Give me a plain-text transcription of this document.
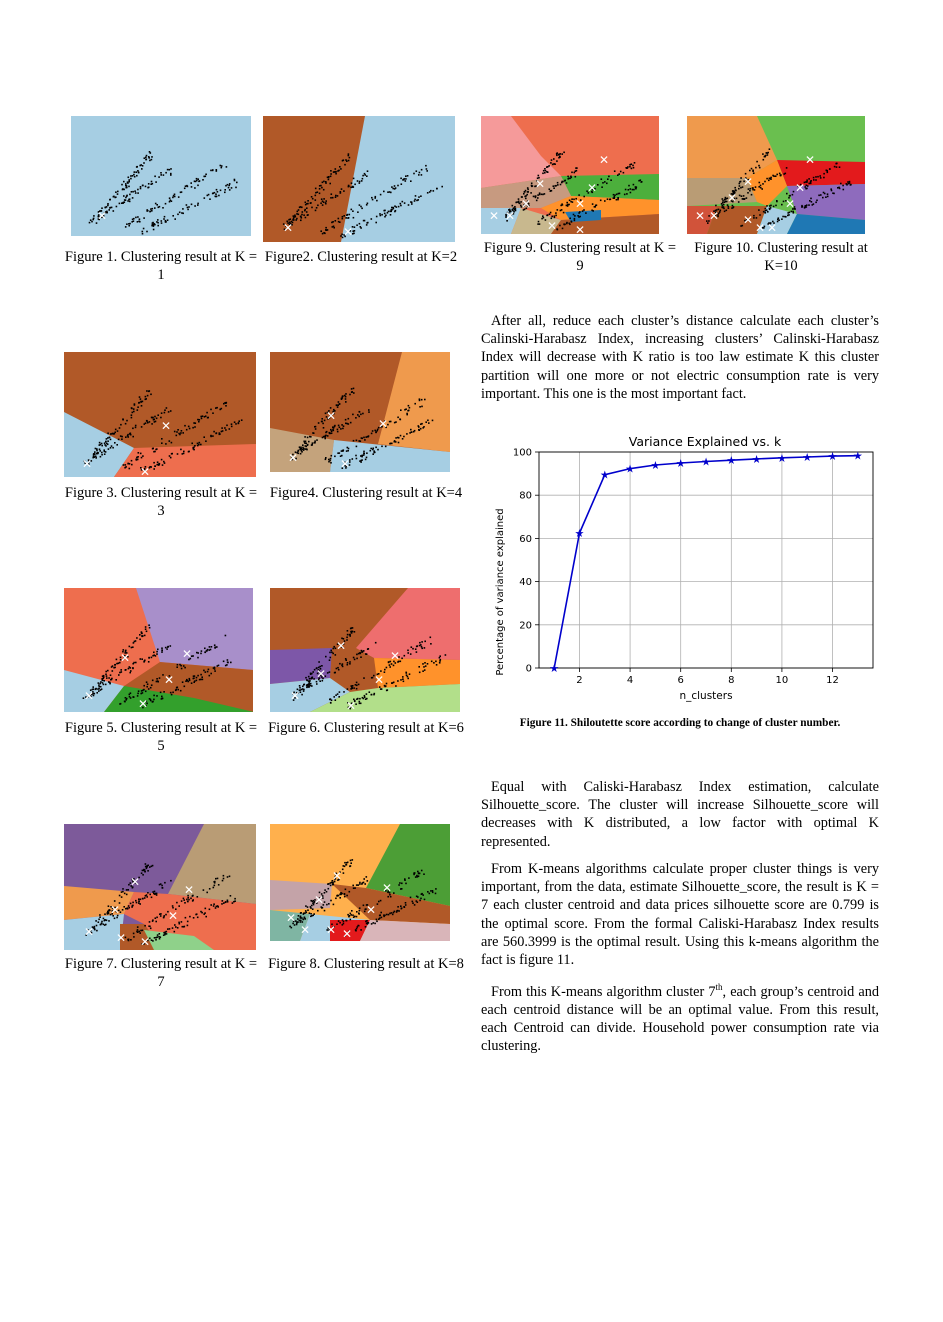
✕
Figure 1. Clustering result at K = 1
✕	✕
Figure2. Clustering result at K=2
✕
✕
✕
Figure 3. Clustering result at K = 3
✕
✕
✕
✕
Figure4. Clustering result at K=4
✕
✕	✕
✕
✕
Figure 5. Clustering result at K = 5
✕
✕
✕
✕
✕
✕
Figure 6. Clustering result at K=6
✕
✕
✕
✕
✕
✕ ✕
Figure 7. Clustering result at K = 7
✕
✕
✕
✕
✕
✕ ✕
✕
Figure 8. Clustering result at K=8
✕
✕	✕
✕
✕
✕
✕ ✕
✕
Figure 9. Clustering result at K = 9
✕
✕	✕
✕
✕
✕ ✕
✕ ✕
✕
Figure 10. Clustering result at K=10

After all, reduce each cluster’s distance calculate each cluster’s Calinski-Harabasz Index, increasing clusters’ Calinski-Harabasz Index will decrease with K ratio is too law estimate K this cluster partition will one more or not electric consumption rate is very important. This one is the most important fact.

Variance Explained vs. k
Percentage of variance explained
n_clusters
2	4	6	8	10	12
0
20
40
60
80
100
★
★
★ ★ ★ ★ ★ ★ ★ ★ ★ ★ ★
Figure 11. Shiloutette score according to change of cluster number.

Equal with Caliski-Harabasz Index estimation, calculate Silhouette_score. The cluster will increase Silhouette_score will decreases with K distributed, a low factor with optimal K represented.

From K-means algorithms calculate proper cluster things is very important, from the data, estimate Silhouette_score, the result is K = 7 each cluster centroid and data prices silhouette score are 0.799 is the optimal score. From the formal Caliski-Harabasz Index results are 560.3999 is the optimal result. Using this k-means algorithm the fact is figure 11.

From this K-means algorithm cluster 7th, each group’s centroid and each centroid distance will be an optimal value. From this result, each Centroid can divide. Household power consumption rate via clustering.
